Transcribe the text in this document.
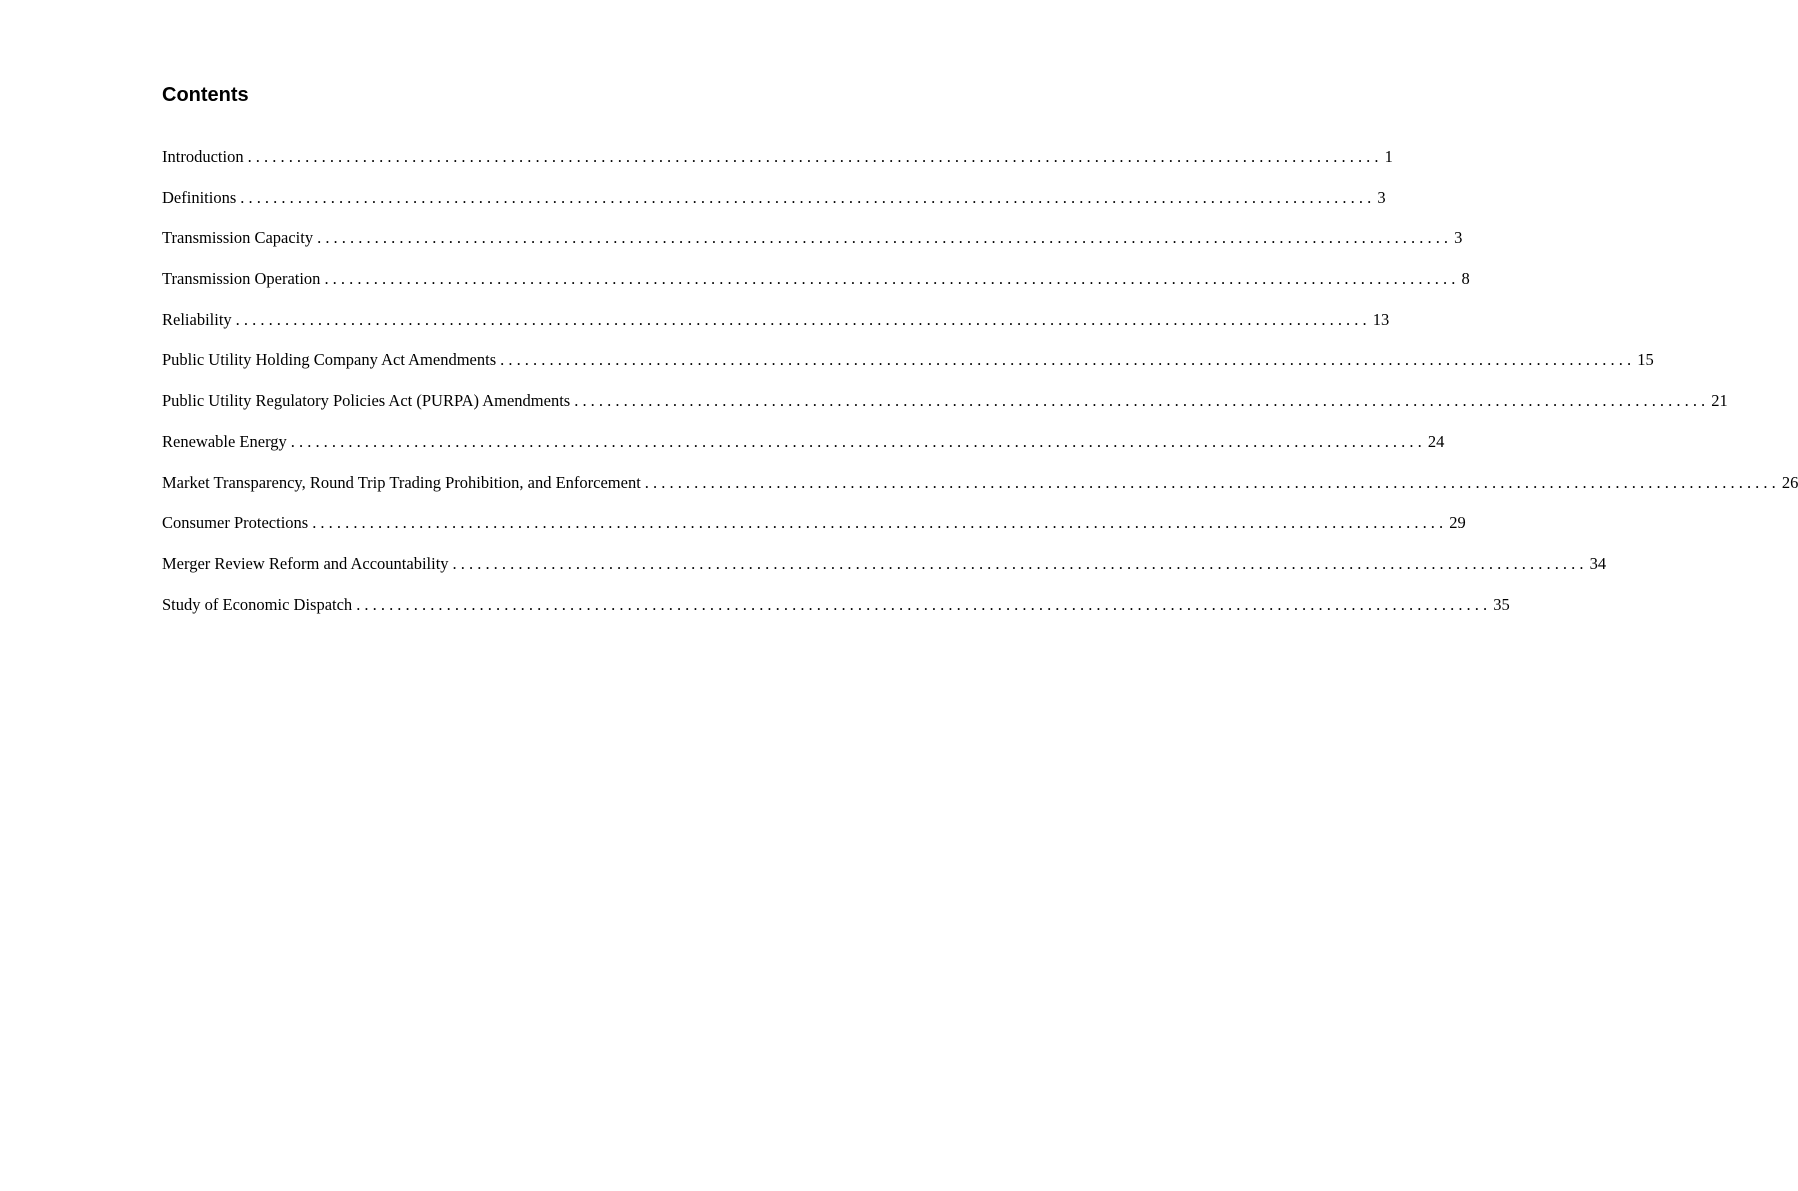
Contents
Introduction .......................................................................................................................................... 1
Definitions .......................................................................................................................................... 3
Transmission Capacity .......................................................................................................................................... 3
Transmission Operation .......................................................................................................................................... 8
Reliability .......................................................................................................................................... 13
Public Utility Holding Company Act Amendments .......................................................................................................................................... 15
Public Utility Regulatory Policies Act (PURPA) Amendments .......................................................................................................................................... 21
Renewable Energy .......................................................................................................................................... 24
Market Transparency, Round Trip Trading Prohibition, and Enforcement .......................................................................................................................................... 26
Consumer Protections .......................................................................................................................................... 29
Merger Review Reform and Accountability .......................................................................................................................................... 34
Study of Economic Dispatch .......................................................................................................................................... 35
